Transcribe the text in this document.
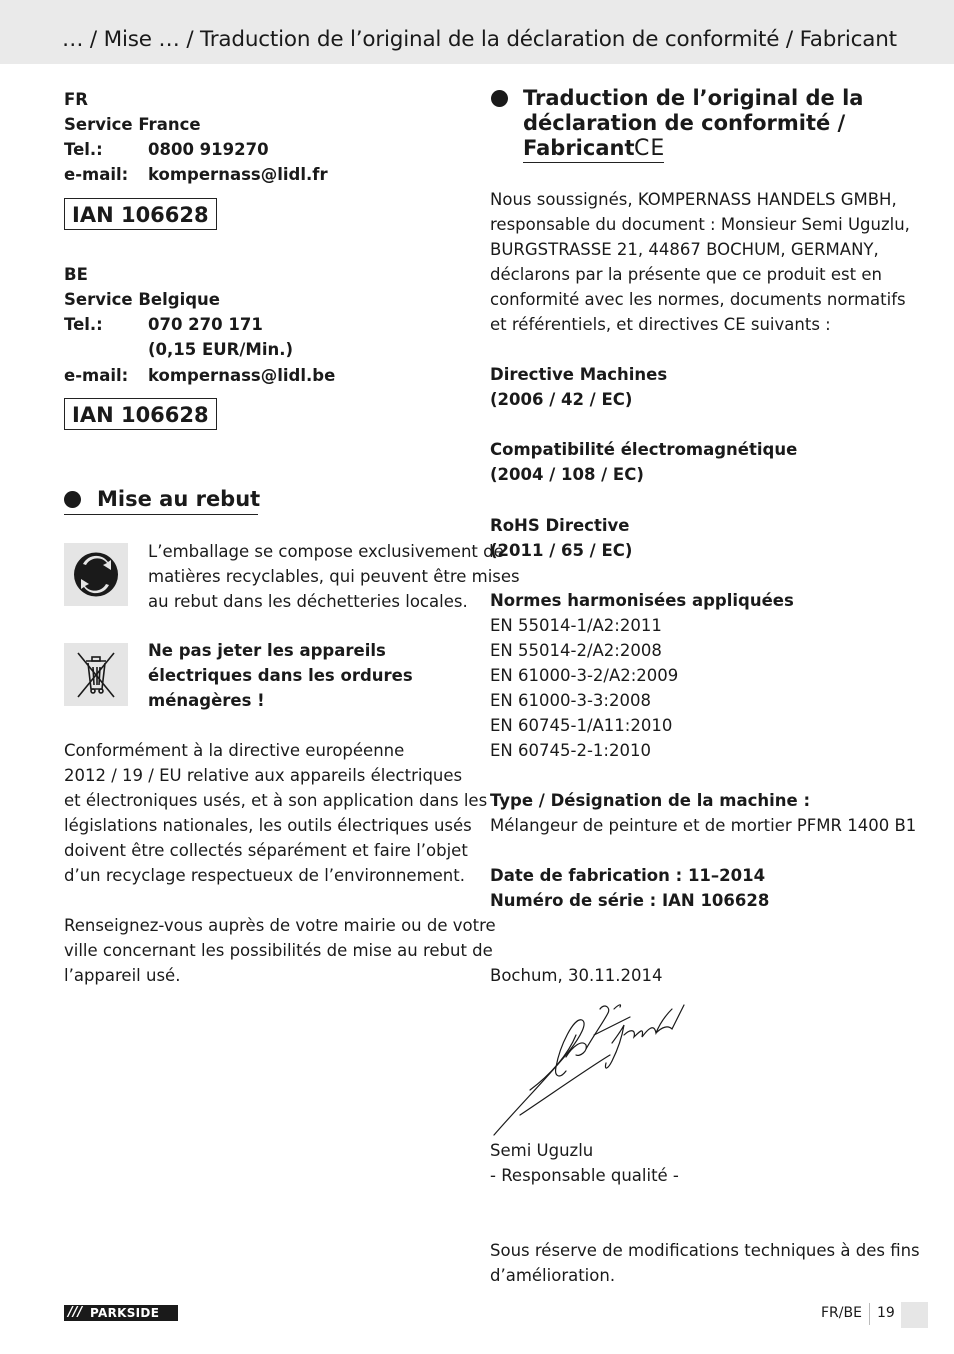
… / Mise … / Traduction de l’original de la déclaration de conformité / Fabricant
FR
Service France
Tel.:	0800 919270
e-mail: kompernass@lidl.fr
IAN 106628
BE
Service Belgique
Tel.:	070 270 171
(0,15 EUR/Min.)
e-mail: kompernass@lidl.be
IAN 106628
Mise au rebut
L’emballage se compose exclusivement de
matières recyclables, qui peuvent être mises
au rebut dans les déchetteries locales.
Ne pas jeter les appareils
électriques dans les ordures
ménagères !
Conformément à la directive européenne
2012 / 19 / EU relative aux appareils électriques
et électroniques usés, et à son application dans les
législations nationales, les outils électriques usés
doivent être collectés séparément et faire l’objet
d’un recyclage respectueux de l’environnement.
Renseignez-vous auprès de votre mairie ou de votre
ville concernant les possibilités de mise au rebut de
l’appareil usé.
Traduction de l’original de la
déclaration de conformité /
Fabricant CE
Nous soussignés, KOMPERNASS HANDELS GMBH,
responsable du document : Monsieur Semi Uguzlu,
BURGSTRASSE 21, 44867 BOCHUM, GERMANY,
déclarons par la présente que ce produit est en
conformité avec les normes, documents normatifs
et référentiels, et directives CE suivants :
Directive Machines
(2006 / 42 / EC)
Compatibilité électromagnétique
(2004 / 108 / EC)
RoHS Directive
(2011 / 65 / EC)
Normes harmonisées appliquées
EN 55014-1/A2:2011
EN 55014-2/A2:2008
EN 61000-3-2/A2:2009
EN 61000-3-3:2008
EN 60745-1/A11:2010
EN 60745-2-1:2010
Type / Désignation de la machine :
Mélangeur de peinture et de mortier PFMR 1400 B1
Date de fabrication : 11–2014
Numéro de série : IAN 106628
Bochum, 30.11.2014
Semi Uguzlu
- Responsable qualité -
Sous réserve de modifications techniques à des fins
d’amélioration.
/// PARKSIDE	FR/BE 19
